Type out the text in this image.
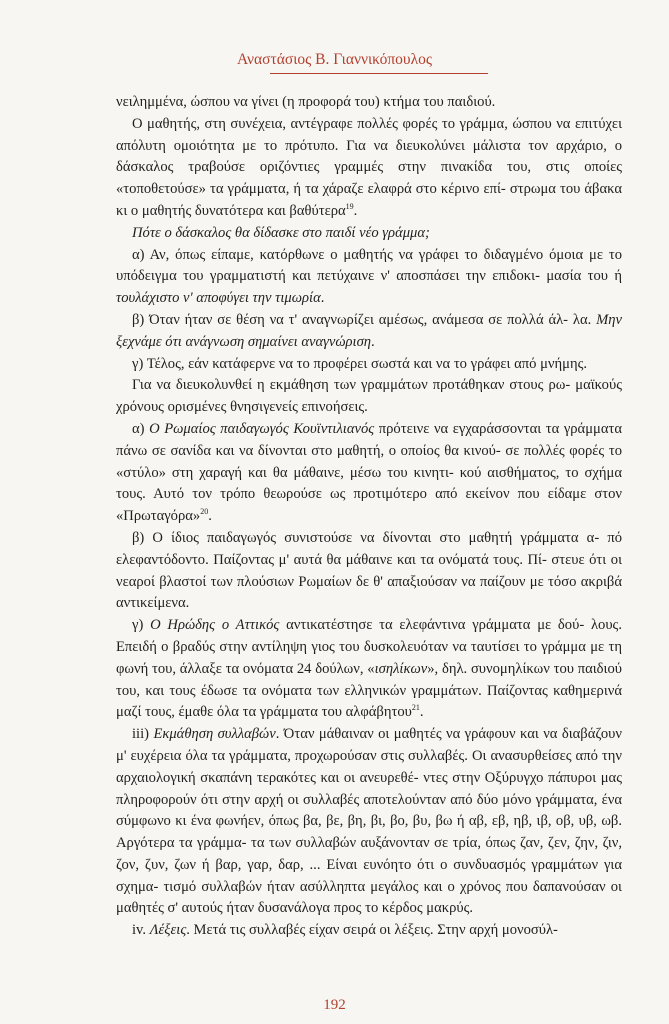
Αναστάσιος Β. Γιαννικόπουλος

νειλημμένα, ώσπου να γίνει (η προφορά του) κτήμα του παιδιού.

Ο μαθητής, στη συνέχεια, αντέγραφε πολλές φορές το γράμμα, ώσπου να επιτύχει απόλυτη ομοιότητα με το πρότυπο. Για να διευκολύνει μάλιστα τον αρχάριο, ο δάσκαλος τραβούσε οριζόντιες γραμμές στην πινακίδα του, στις οποίες «τοποθετούσε» τα γράμματα, ή τα χάραζε ελαφρά στο κέρινο επί- στρωμα του άβακα κι ο μαθητής δυνατότερα και βαθύτερα$^{19}$.

Πότε ο δάσκαλος θα δίδασκε στο παιδί νέο γράμμα;

α) Αν, όπως είπαμε, κατόρθωνε ο μαθητής να γράφει το διδαγμένο όμοια με το υπόδειγμα του γραμματιστή και πετύχαινε ν' αποσπάσει την επιδοκι- μασία του ή τουλάχιστο ν' αποφύγει την τιμωρία.

β) Όταν ήταν σε θέση να τ' αναγνωρίζει αμέσως, ανάμεσα σε πολλά άλ- λα. Μην ξεχνάμε ότι ανάγνωση σημαίνει αναγνώριση.

γ) Τέλος, εάν κατάφερνε να το προφέρει σωστά και να το γράφει από μνήμης.

Για να διευκολυνθεί η εκμάθηση των γραμμάτων προτάθηκαν στους ρω- μαϊκούς χρόνους ορισμένες θνησιγενείς επινοήσεις.

α) Ο Ρωμαίος παιδαγωγός Κουϊντιλιανός πρότεινε να εγχαράσσονται τα γράμματα πάνω σε σανίδα και να δίνονται στο μαθητή, ο οποίος θα κινού- σε πολλές φορές το «στύλο» στη χαραγή και θα μάθαινε, μέσω του κινητι- κού αισθήματος, το σχήμα τους. Αυτό τον τρόπο θεωρούσε ως προτιμότερο από εκείνον που είδαμε στον «Πρωταγόρα»$^{20}$.

β) Ο ίδιος παιδαγωγός συνιστούσε να δίνονται στο μαθητή γράμματα α- πό ελεφαντόδοντο. Παίζοντας μ' αυτά θα μάθαινε και τα ονόματά τους. Πί- στευε ότι οι νεαροί βλαστοί των πλούσιων Ρωμαίων δε θ' απαξιούσαν να παίζουν με τόσο ακριβά αντικείμενα.

γ) Ο Ηρώδης ο Αττικός αντικατέστησε τα ελεφάντινα γράμματα με δού- λους. Επειδή ο βραδύς στην αντίληψη γιος του δυσκολευόταν να ταυτίσει το γράμμα με τη φωνή του, άλλαξε τα ονόματα 24 δούλων, «ισηλίκων», δηλ. συνομηλίκων του παιδιού του, και τους έδωσε τα ονόματα των ελληνικών γραμμάτων. Παίζοντας καθημερινά μαζί τους, έμαθε όλα τα γράμματα του αλφάβητου$^{21}$.

iii) Εκμάθηση συλλαβών. Όταν μάθαιναν οι μαθητές να γράφουν και να διαβάζουν μ' ευχέρεια όλα τα γράμματα, προχωρούσαν στις συλλαβές. Οι ανασυρθείσες από την αρχαιολογική σκαπάνη τερακότες και οι ανευρεθέ- ντες στην Οξύρυγχο πάπυροι μας πληροφορούν ότι στην αρχή οι συλλαβές αποτελούνταν από δύο μόνο γράμματα, ένα σύμφωνο κι ένα φωνήεν, όπως βα, βε, βη, βι, βο, βυ, βω ή αβ, εβ, ηβ, ιβ, οβ, υβ, ωβ. Αργότερα τα γράμμα- τα των συλλαβών αυξάνονταν σε τρία, όπως ζαν, ζεν, ζην, ζιν, ζον, ζυν, ζων ή βαρ, γαρ, δαρ, ... Είναι ευνόητο ότι ο συνδυασμός γραμμάτων για σχημα- τισμό συλλαβών ήταν ασύλληπτα μεγάλος και ο χρόνος που δαπανούσαν οι μαθητές σ' αυτούς ήταν δυσανάλογα προς το κέρδος μακρύς.

iv. Λέξεις. Μετά τις συλλαβές είχαν σειρά οι λέξεις. Στην αρχή μονοσύλ-

192
